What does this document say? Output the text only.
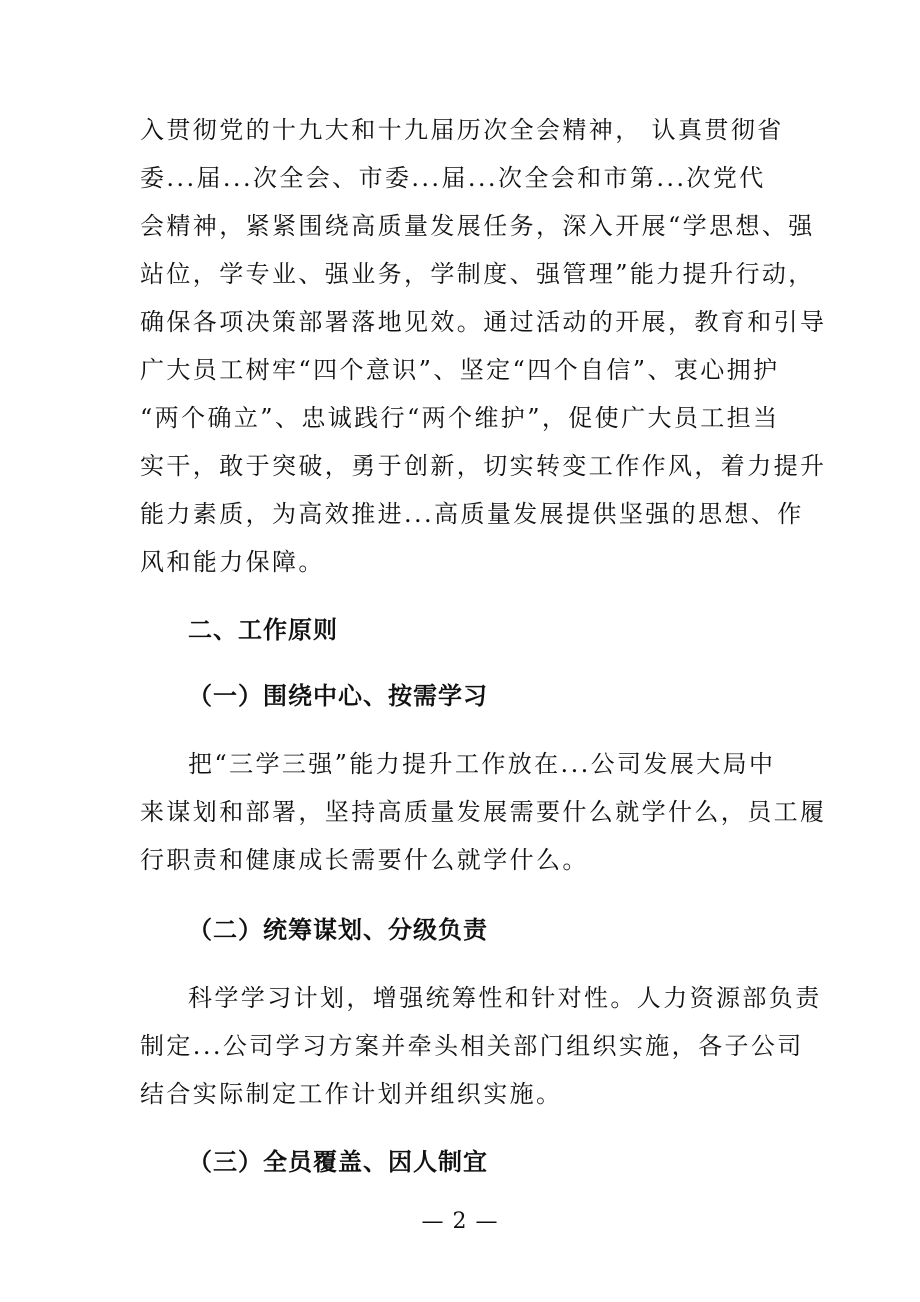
入贯彻党的十九大和十九届历次全会精神， 认真贯彻省
委...届...次全会、市委...届...次全会和市第...次党代
会精神，紧紧围绕高质量发展任务，深入开展“学思想、强
站位，学专业、强业务，学制度、强管理”能力提升行动，
确保各项决策部署落地见效。通过活动的开展，教育和引导
广大员工树牢“四个意识”、坚定“四个自信”、衷心拥护
“两个确立”、忠诚践行“两个维护”，促使广大员工担当
实干，敢于突破，勇于创新，切实转变工作作风，着力提升
能力素质，为高效推进...高质量发展提供坚强的思想、作
风和能力保障。
二、工作原则
（一）围绕中心、按需学习
把“三学三强”能力提升工作放在...公司发展大局中
来谋划和部署，坚持高质量发展需要什么就学什么，员工履
行职责和健康成长需要什么就学什么。
（二）统筹谋划、分级负责
科学学习计划，增强统筹性和针对性。人力资源部负责
制定...公司学习方案并牵头相关部门组织实施，各子公司
结合实际制定工作计划并组织实施。
（三）全员覆盖、因人制宜
— 2 —
